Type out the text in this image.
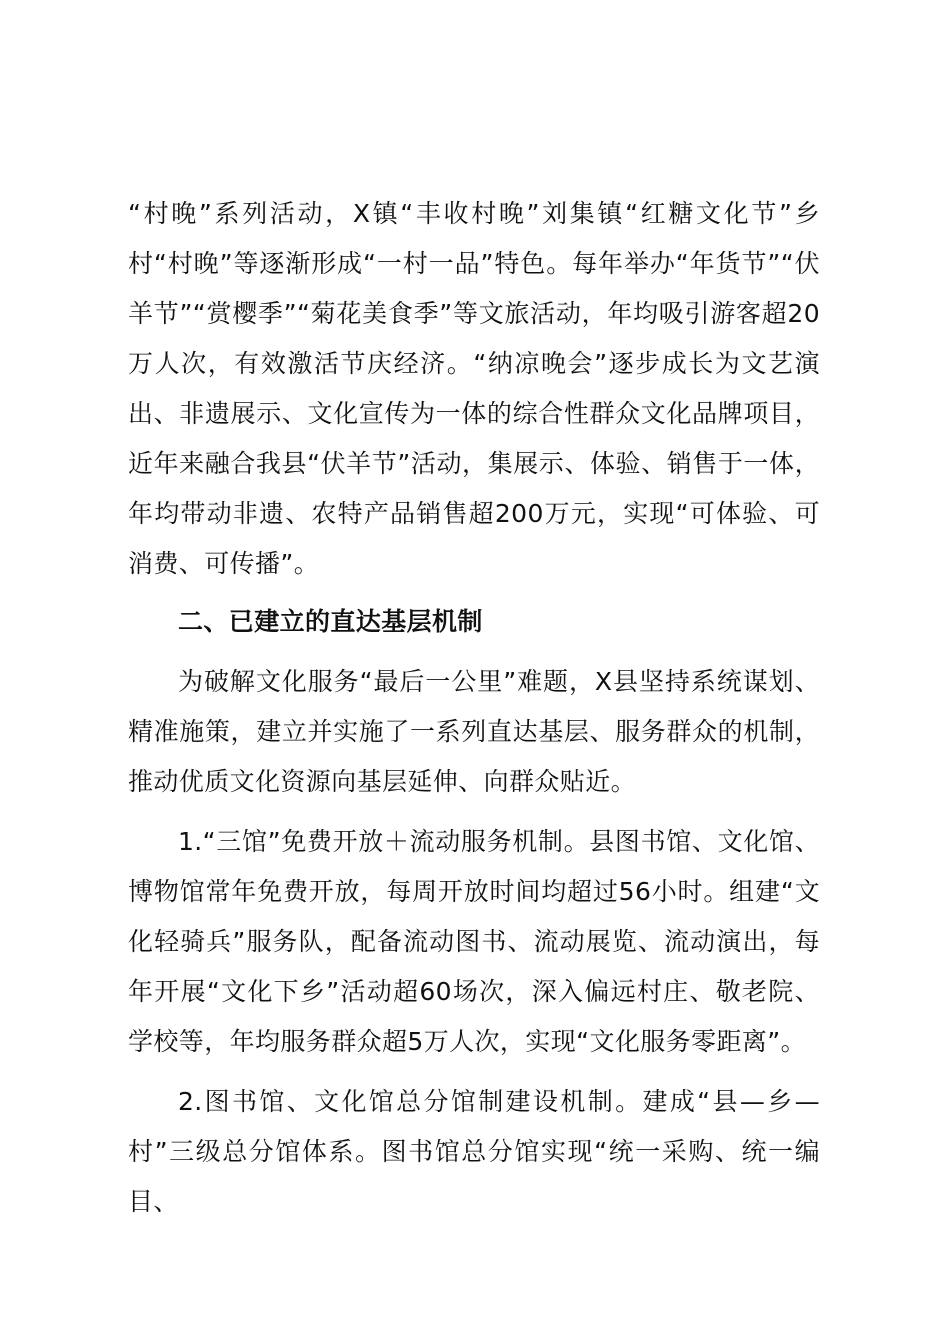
“村晚”系列活动，X镇“丰收村晚”刘集镇“红糖文化节”乡村“村晚”等逐渐形成“一村一品”特色。每年举办“年货节”“伏羊节”“赏樱季”“菊花美食季”等文旅活动，年均吸引游客超20万人次，有效激活节庆经济。“纳凉晚会”逐步成长为文艺演出、非遗展示、文化宣传为一体的综合性群众文化品牌项目，近年来融合我县“伏羊节”活动，集展示、体验、销售于一体，年均带动非遗、农特产品销售超200万元，实现“可体验、可消费、可传播”。

二、已建立的直达基层机制

为破解文化服务“最后一公里”难题，X县坚持系统谋划、精准施策，建立并实施了一系列直达基层、服务群众的机制，推动优质文化资源向基层延伸、向群众贴近。

1.“三馆”免费开放＋流动服务机制。县图书馆、文化馆、博物馆常年免费开放，每周开放时间均超过56小时。组建“文化轻骑兵”服务队，配备流动图书、流动展览、流动演出，每年开展“文化下乡”活动超60场次，深入偏远村庄、敬老院、学校等，年均服务群众超5万人次，实现“文化服务零距离”。

2.图书馆、文化馆总分馆制建设机制。建成“县—乡—村”三级总分馆体系。图书馆总分馆实现“统一采购、统一编目、
